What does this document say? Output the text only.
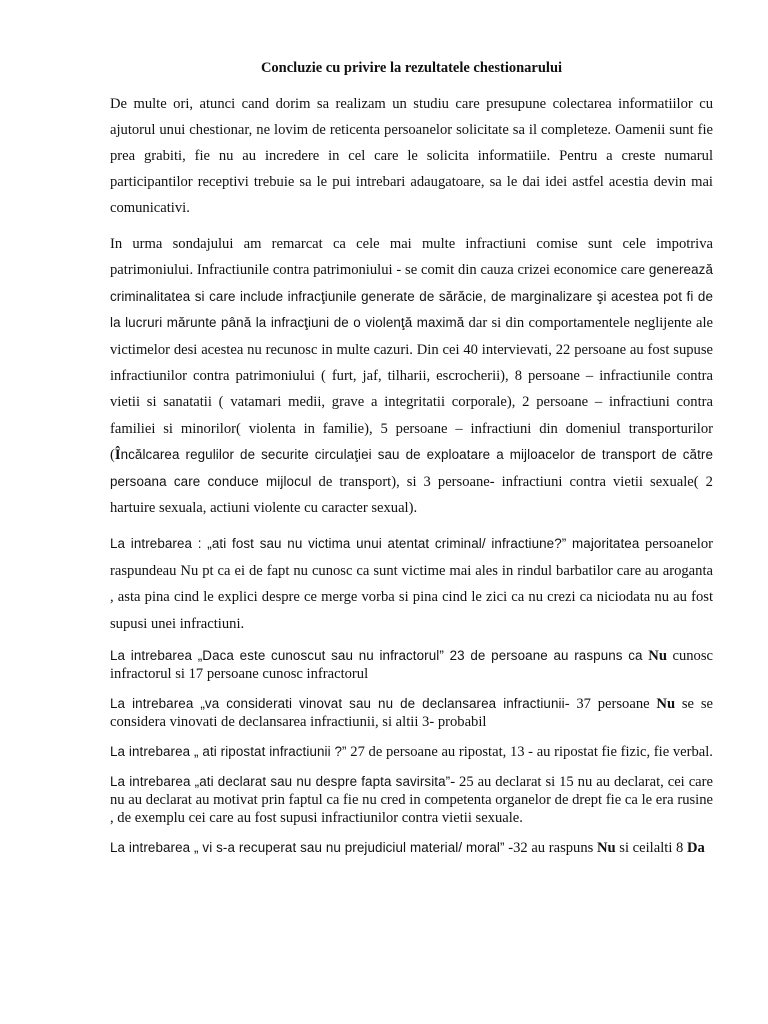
Concluzie cu privire la rezultatele chestionarului
De multe ori, atunci cand dorim sa realizam un studiu care presupune colectarea informatiilor cu ajutorul unui chestionar, ne lovim de reticenta persoanelor solicitate sa il completeze. Oamenii sunt fie prea grabiti, fie nu au incredere in cel care le solicita informatiile. Pentru a creste numarul participantilor receptivi trebuie sa le pui intrebari adaugatoare, sa le dai idei astfel acestia devin mai comunicativi.
In urma sondajului am remarcat ca cele mai multe infractiuni comise sunt cele impotriva patrimoniului. Infractiunile contra patrimoniului - se comit din cauza crizei economice care generează criminalitatea si care include infracţiunile generate de sărăcie, de marginalizare şi acestea pot fi de la lucruri mărunte până la infracţiuni de o violenţă maximă dar si din comportamentele neglijente ale victimelor desi acestea nu recunosc in multe cazuri. Din cei 40 intervievati, 22 persoane au fost supuse infractiunilor contra patrimoniului ( furt, jaf, tilharii, escrocherii), 8 persoane – infractiunile contra vietii si sanatatii ( vatamari medii, grave a integritatii corporale), 2 persoane – infractiuni contra familiei si minorilor( violenta in familie), 5 persoane – infractiuni din domeniul transporturilor (Încălcarea regulilor de securite circulaţiei sau de exploatare a mijloacelor de transport de către persoana care conduce mijlocul de transport), si 3 persoane- infractiuni contra vietii sexuale( 2 hartuire sexuala, actiuni violente cu caracter sexual).
La intrebarea : „ati fost sau nu victima unui atentat criminal/ infractiune?” majoritatea persoanelor raspundeau Nu pt ca ei de fapt nu cunosc ca sunt victime mai ales in rindul barbatilor care au aroganta , asta pina cind le explici despre ce merge vorba si pina cind le zici ca nu crezi ca niciodata nu au fost supusi unei infractiuni.
La intrebarea „Daca este cunoscut sau nu infractorul” 23 de persoane au raspuns ca Nu cunosc infractorul si 17 persoane cunosc infractorul
La intrebarea „va considerati vinovat sau nu de declansarea infractiunii- 37 persoane Nu se se considera vinovati de declansarea infractiunii, si altii 3- probabil
La intrebarea „ ati ripostat infractiunii ?” 27 de persoane au ripostat, 13 - au ripostat fie fizic, fie verbal.
La intrebarea „ati declarat sau nu despre fapta savirsita”- 25 au declarat si 15 nu au declarat, cei care nu au declarat au motivat prin faptul ca fie nu cred in competenta organelor de drept fie ca le era rusine , de exemplu cei care au fost supusi infractiunilor contra vietii sexuale.
La intrebarea „ vi s-a recuperat sau nu prejudiciul material/ moral” -32 au raspuns Nu si ceilalti 8 Da
